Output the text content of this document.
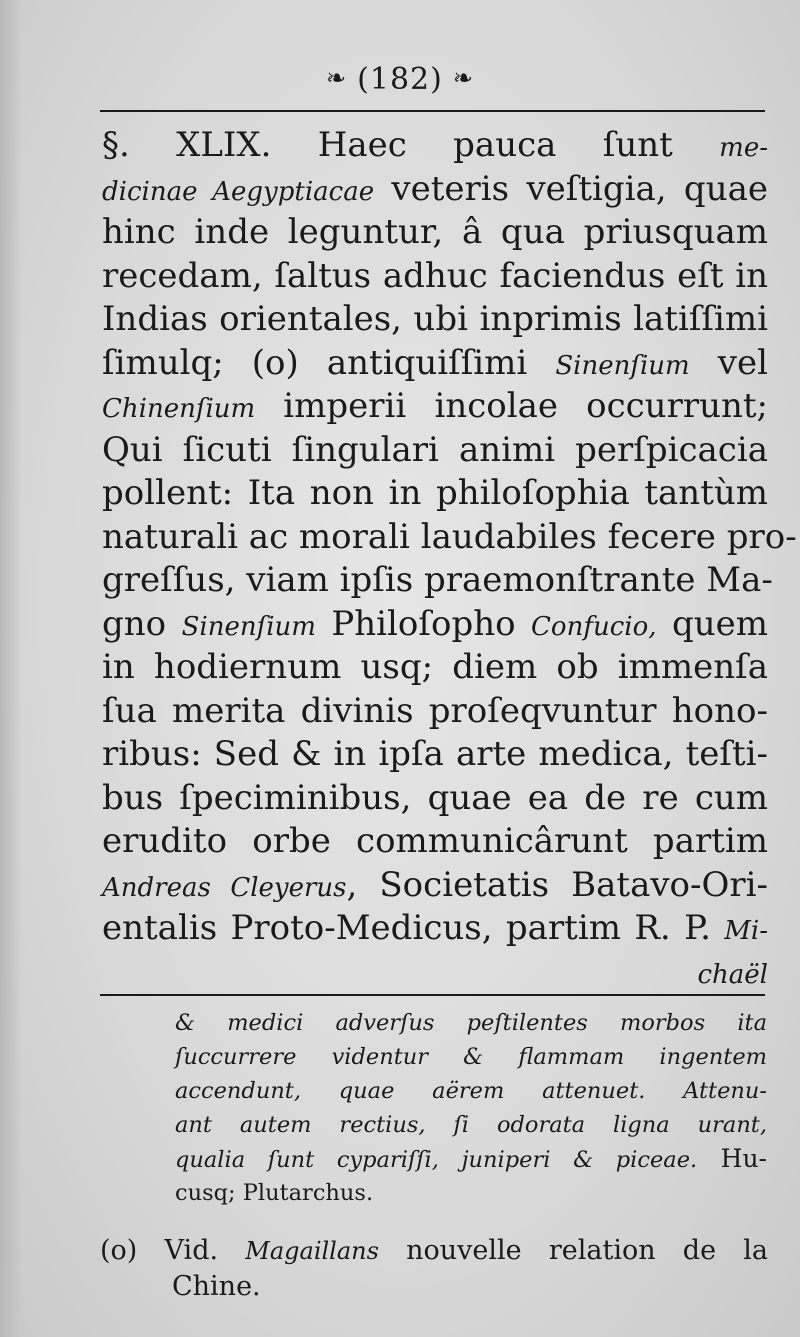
❧ (182) ❧
§. XLIX. Haec pauca ſunt me-
dicinae Aegyptiacae veteris veſtigia, quae
hinc inde leguntur, â qua priusquam
recedam, ſaltus adhuc faciendus eſt in
Indias orientales, ubi inprimis latiſſimi
ſimulq; (o) antiquiſſimi Sinenſium vel
Chinenſium imperii incolae occurrunt;
Qui ſicuti ſingulari animi perſpicacia
pollent: Ita non in philoſophia tantùm
naturali ac morali laudabiles fecere pro-
greſſus, viam ipſis praemonſtrante Ma-
gno Sinenſium Philoſopho Confucio, quem
in hodiernum usq; diem ob immenſa
ſua merita divinis proſeqvuntur hono-
ribus: Sed & in ipſa arte medica, teſti-
bus ſpeciminibus, quae ea de re cum
erudito orbe communicârunt partim
Andreas Cleyerus, Societatis Batavo-Ori-
entalis Proto-Medicus, partim R. P. Mi-
chaël
& medici adverſus peſtilentes morbos ita
ſuccurrere videntur & flammam ingentem
accendunt, quae aërem attenuet. Attenu-
ant autem rectius, ſi odorata ligna urant,
qualia ſunt cypariſſi, juniperi & piceae. Hu-
cusq; Plutarchus.
(o) Vid. Magaillans nouvelle relation de la
Chine.
